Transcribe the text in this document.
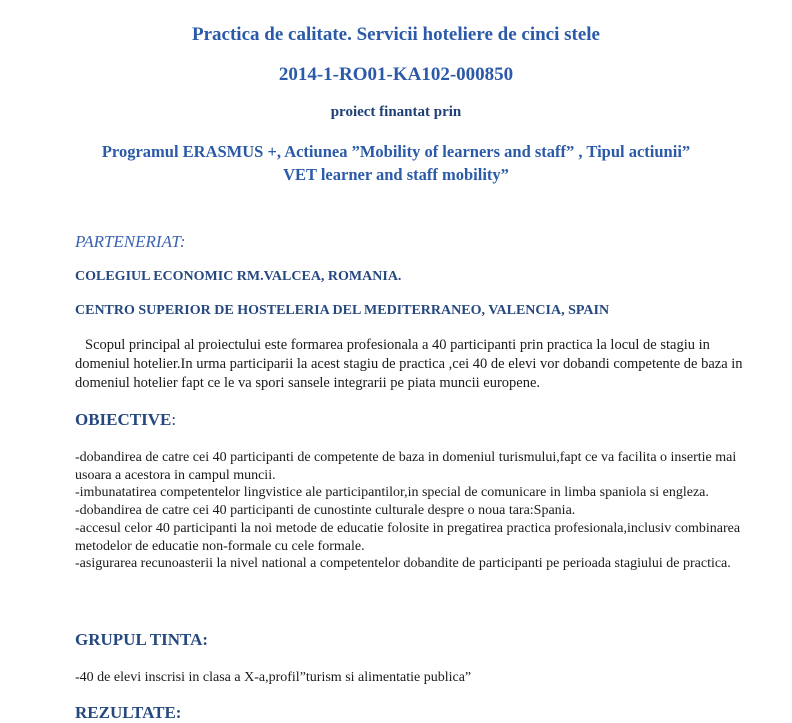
Practica de calitate. Servicii hoteliere de cinci stele
2014-1-RO01-KA102-000850
proiect finantat prin
Programul ERASMUS +, Actiunea ”Mobility of learners and staff” , Tipul actiunii”
VET learner and staff mobility”
PARTENERIAT:
COLEGIUL ECONOMIC RM.VALCEA, ROMANIA.
CENTRO SUPERIOR DE HOSTELERIA DEL MEDITERRANEO, VALENCIA, SPAIN
Scopul principal al proiectului este formarea profesionala a 40 participanti prin practica la locul de stagiu in domeniul hotelier.In urma participarii la acest stagiu de practica ,cei 40 de elevi vor dobandi competente de baza in domeniul hotelier fapt ce le va spori sansele integrarii pe piata muncii europene.
OBIECTIVE:
-dobandirea de catre cei 40 participanti de competente de baza in domeniul turismului,fapt ce va facilita o insertie mai usoara a acestora in campul muncii.
-imbunatatirea competentelor lingvistice ale participantilor,in special de comunicare in limba spaniola si engleza.
-dobandirea de catre cei 40 participanti de cunostinte culturale despre o noua tara:Spania.
-accesul celor 40 participanti la noi metode de educatie folosite in pregatirea practica profesionala,inclusiv combinarea metodelor de educatie non-formale cu cele formale.
-asigurarea recunoasterii la nivel national a competentelor dobandite de participanti pe perioada stagiului de practica.
GRUPUL TINTA:
-40 de elevi inscrisi in clasa a X-a,profil”turism si alimentatie publica”
REZULTATE:
